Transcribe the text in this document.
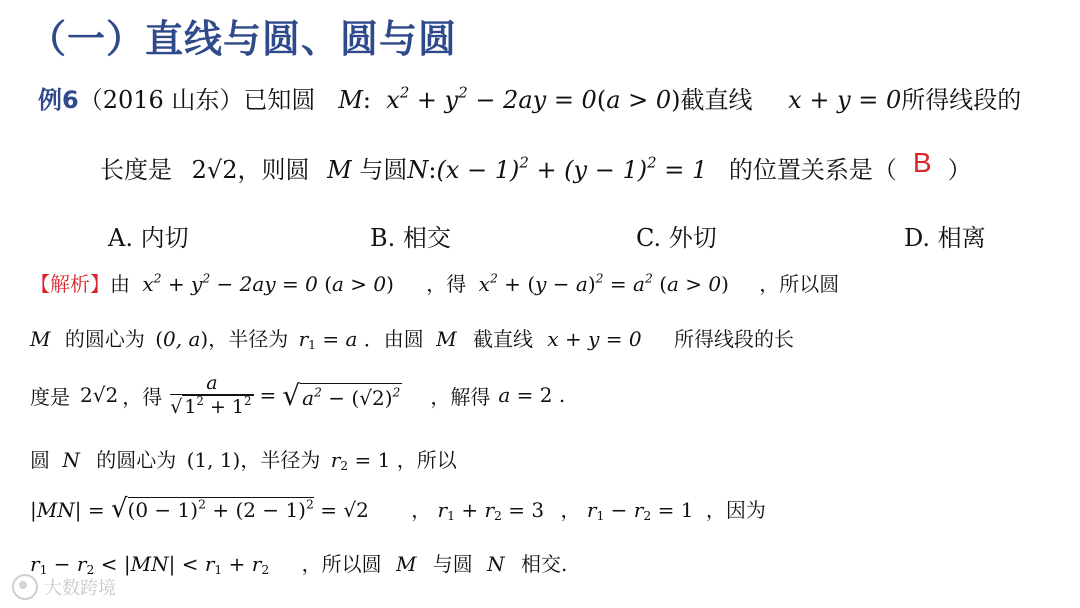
（一）直线与圆、圆与圆
例6（2016 山东）已知圆   M:  $x^2 + y^2 - 2ay = 0(a > 0)$截直线 x + y = 0所得线段的
长度是 2√2，则圆 M 与圆N:(x − $1)^2 + (y - 1)^2 = 1$ 的位置关系是（ B ）
A. 内切	B. 相交	C. 外切	D. 相离
【解析】由 $x^2 + y^2 - 2ay = 0$ (a > 0) ，得 $x^2 + (y - a)^2 = a^2$ (a > 0) ，所以圆
M 的圆心为 (0, a)，半径为 $r_1 = a$ ．由圆 M 截直线 x + y = 0 所得线段的长
度是 2√2 ，得 $\frac{a}{√ 1^2 + 1^2}$ = √ $a^2 - (√2)^2$ ，解得 a = 2 .
圆 N 的圆心为 (1, 1)，半径为 $r_2 = 1$ ，所以
$|MN| = √(0 - 1)^2 + (2 - 1)^2 = √2$ ， $r_1 + r_2 = 3$ ， $r_1 - r_2 = 1$ ，因为
$r_1 - r_2 < |MN| < r_1 + r_2$ ，所以圆 M 与圆 N 相交.
大数跨境
